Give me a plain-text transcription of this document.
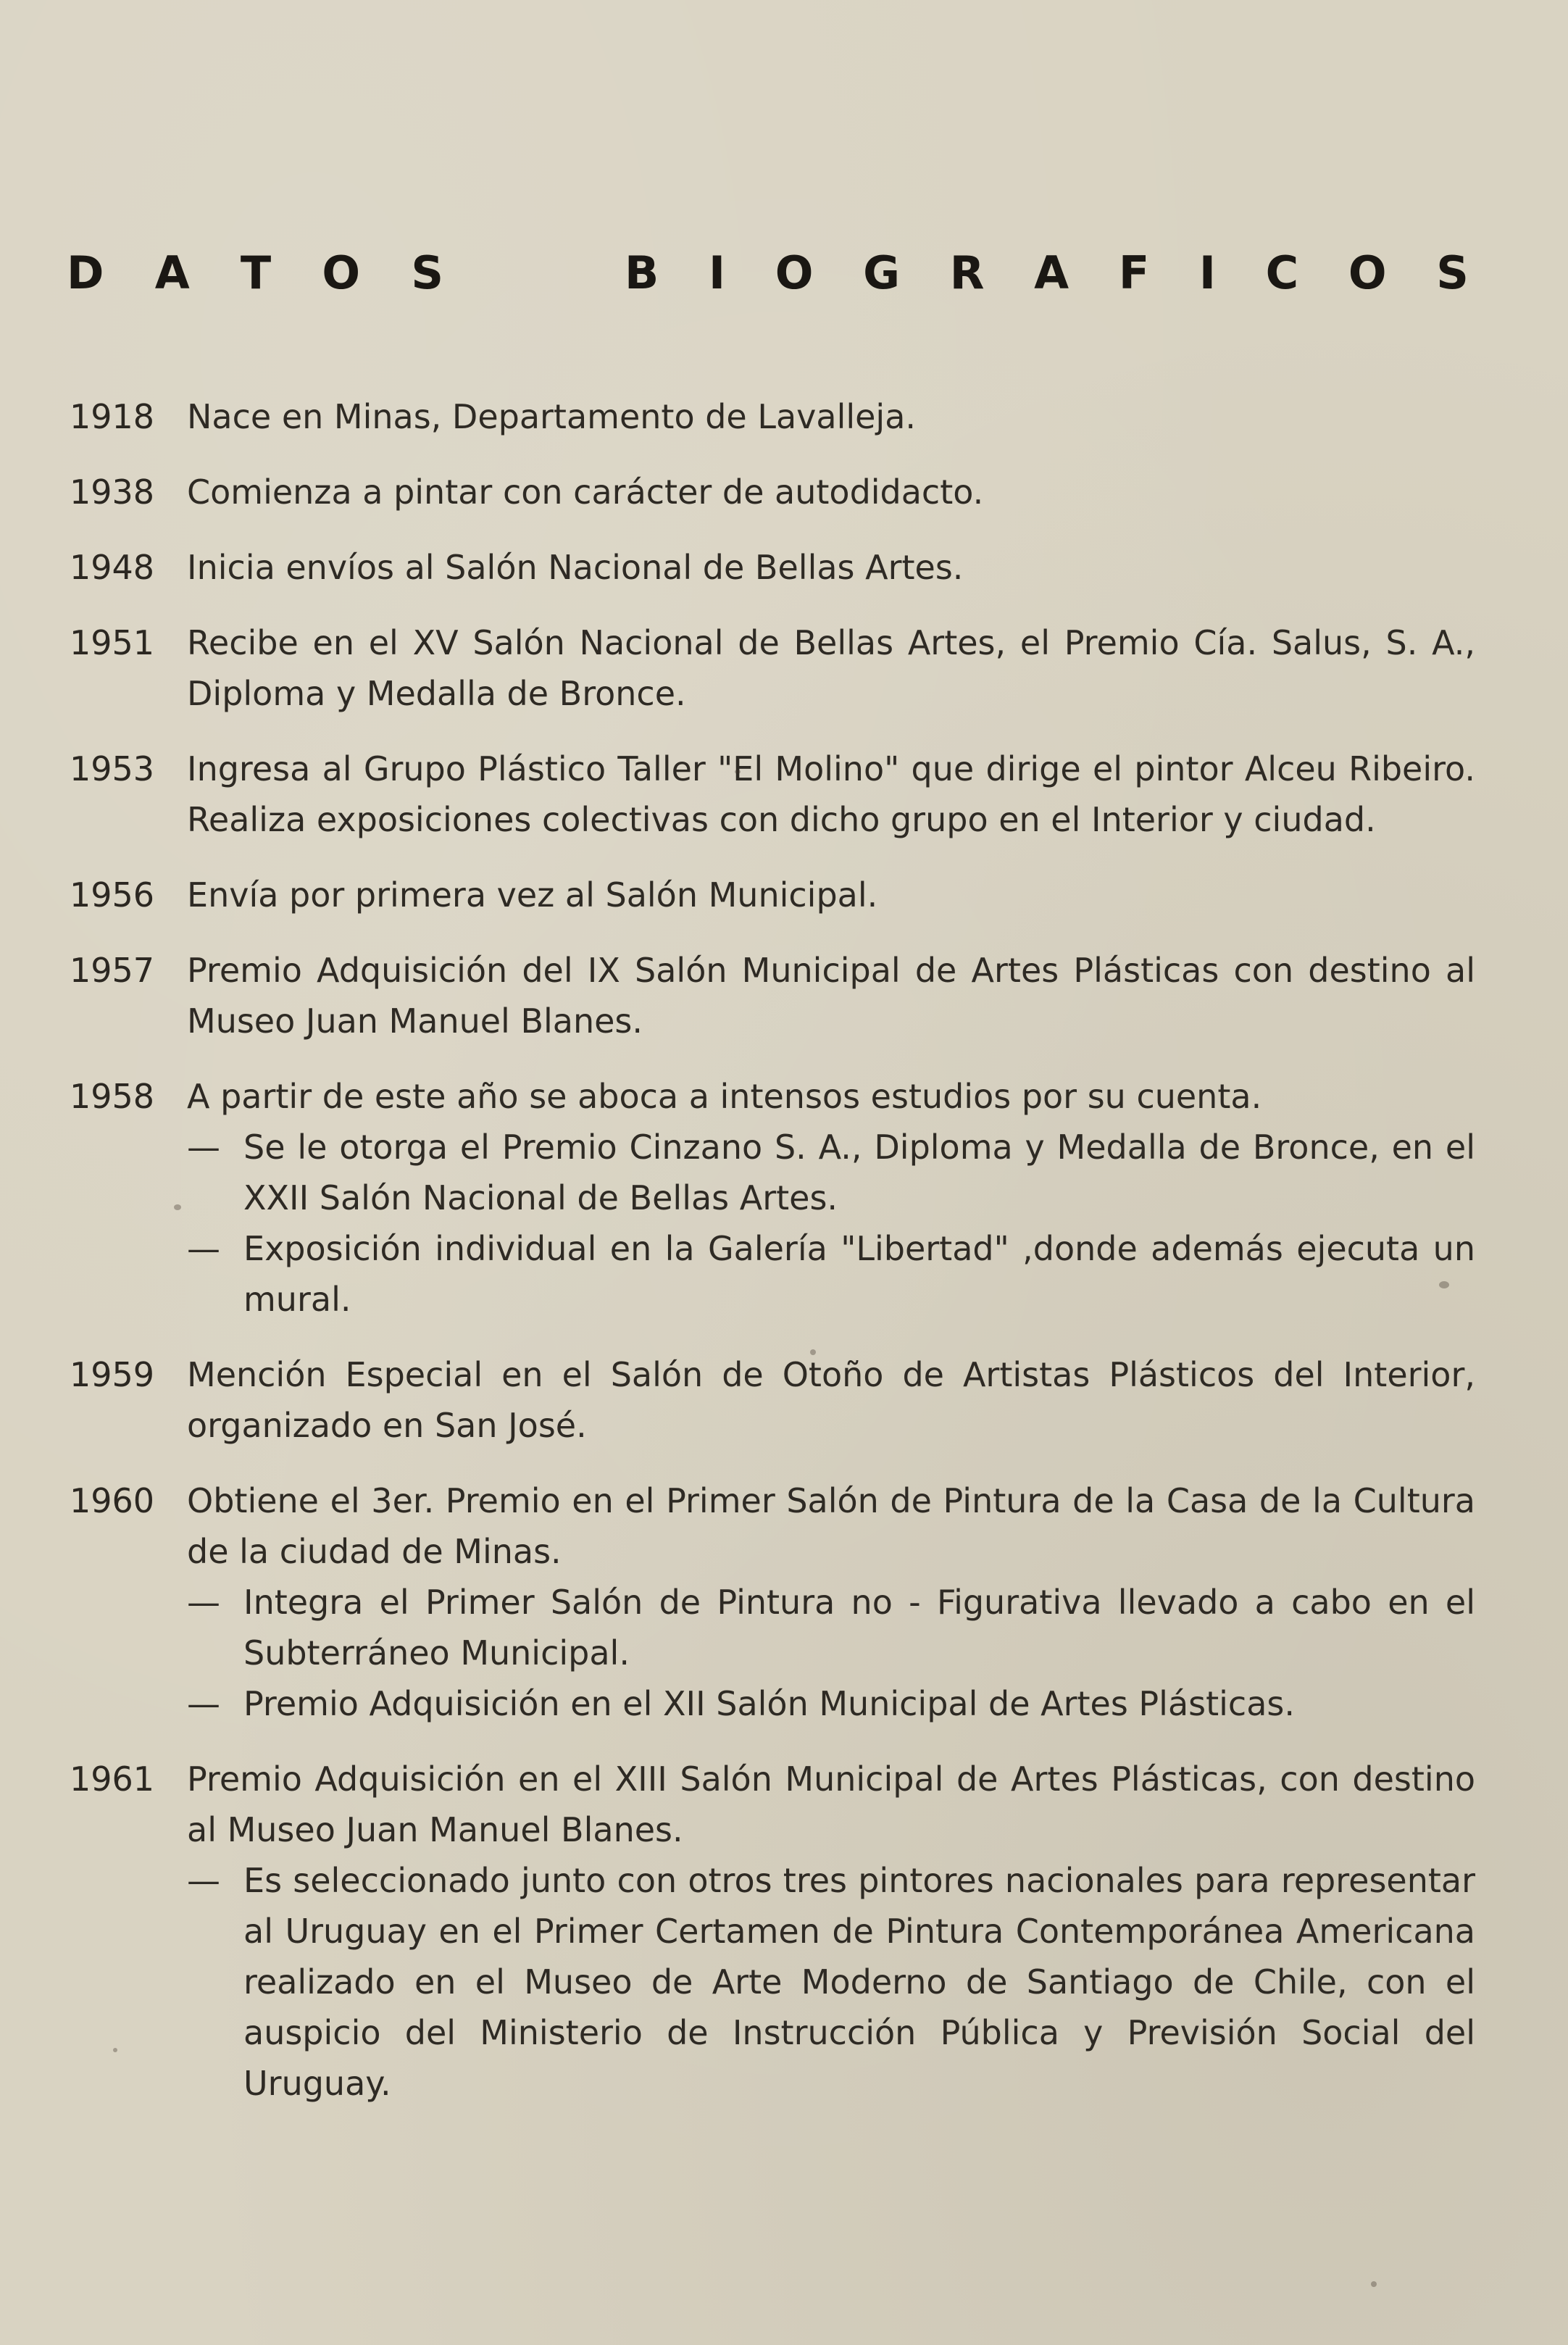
D A T O S	B I O G R A F I C O S
1918 Nace en Minas, Departamento de Lavalleja.

1938 Comienza a pintar con carácter de autodidacto.

1948 Inicia envíos al Salón Nacional de Bellas Artes.

1951 Recibe en el XV Salón Nacional de Bellas Artes, el Premio Cía. Salus, S. A., Diploma y Medalla de Bronce.

1953 Ingresa al Grupo Plástico Taller "El Molino" que dirige el pintor Alceu Ribeiro. Realiza exposiciones colectivas con dicho grupo en el Interior y ciudad.

1956 Envía por primera vez al Salón Municipal.

1957 Premio Adquisición del IX Salón Municipal de Artes Plásticas con destino al Museo Juan Manuel Blanes.

1958 A partir de este año se aboca a intensos estudios por su cuenta.

— Se le otorga el Premio Cinzano S. A., Diploma y Medalla de Bronce, en el XXII Salón Nacional de Bellas Artes.

— Exposición individual en la Galería "Libertad" ,donde además ejecuta un mural.

1959 Mención Especial en el Salón de Otoño de Artistas Plásticos del Interior, organizado en San José.

1960 Obtiene el 3er. Premio en el Primer Salón de Pintura de la Casa de la Cultura de la ciudad de Minas.

— Integra el Primer Salón de Pintura no - Figurativa llevado a cabo en el Subterráneo Municipal.

— Premio Adquisición en el XII Salón Municipal de Artes Plásticas.

1961 Premio Adquisición en el XIII Salón Municipal de Artes Plásticas, con destino al Museo Juan Manuel Blanes.

— Es seleccionado junto con otros tres pintores nacionales para representar al Uruguay en el Primer Certamen de Pintura Contemporánea Americana realizado en el Museo de Arte Moderno de Santiago de Chile, con el auspicio del Ministerio de Instrucción Pública y Previsión Social del Uruguay.
